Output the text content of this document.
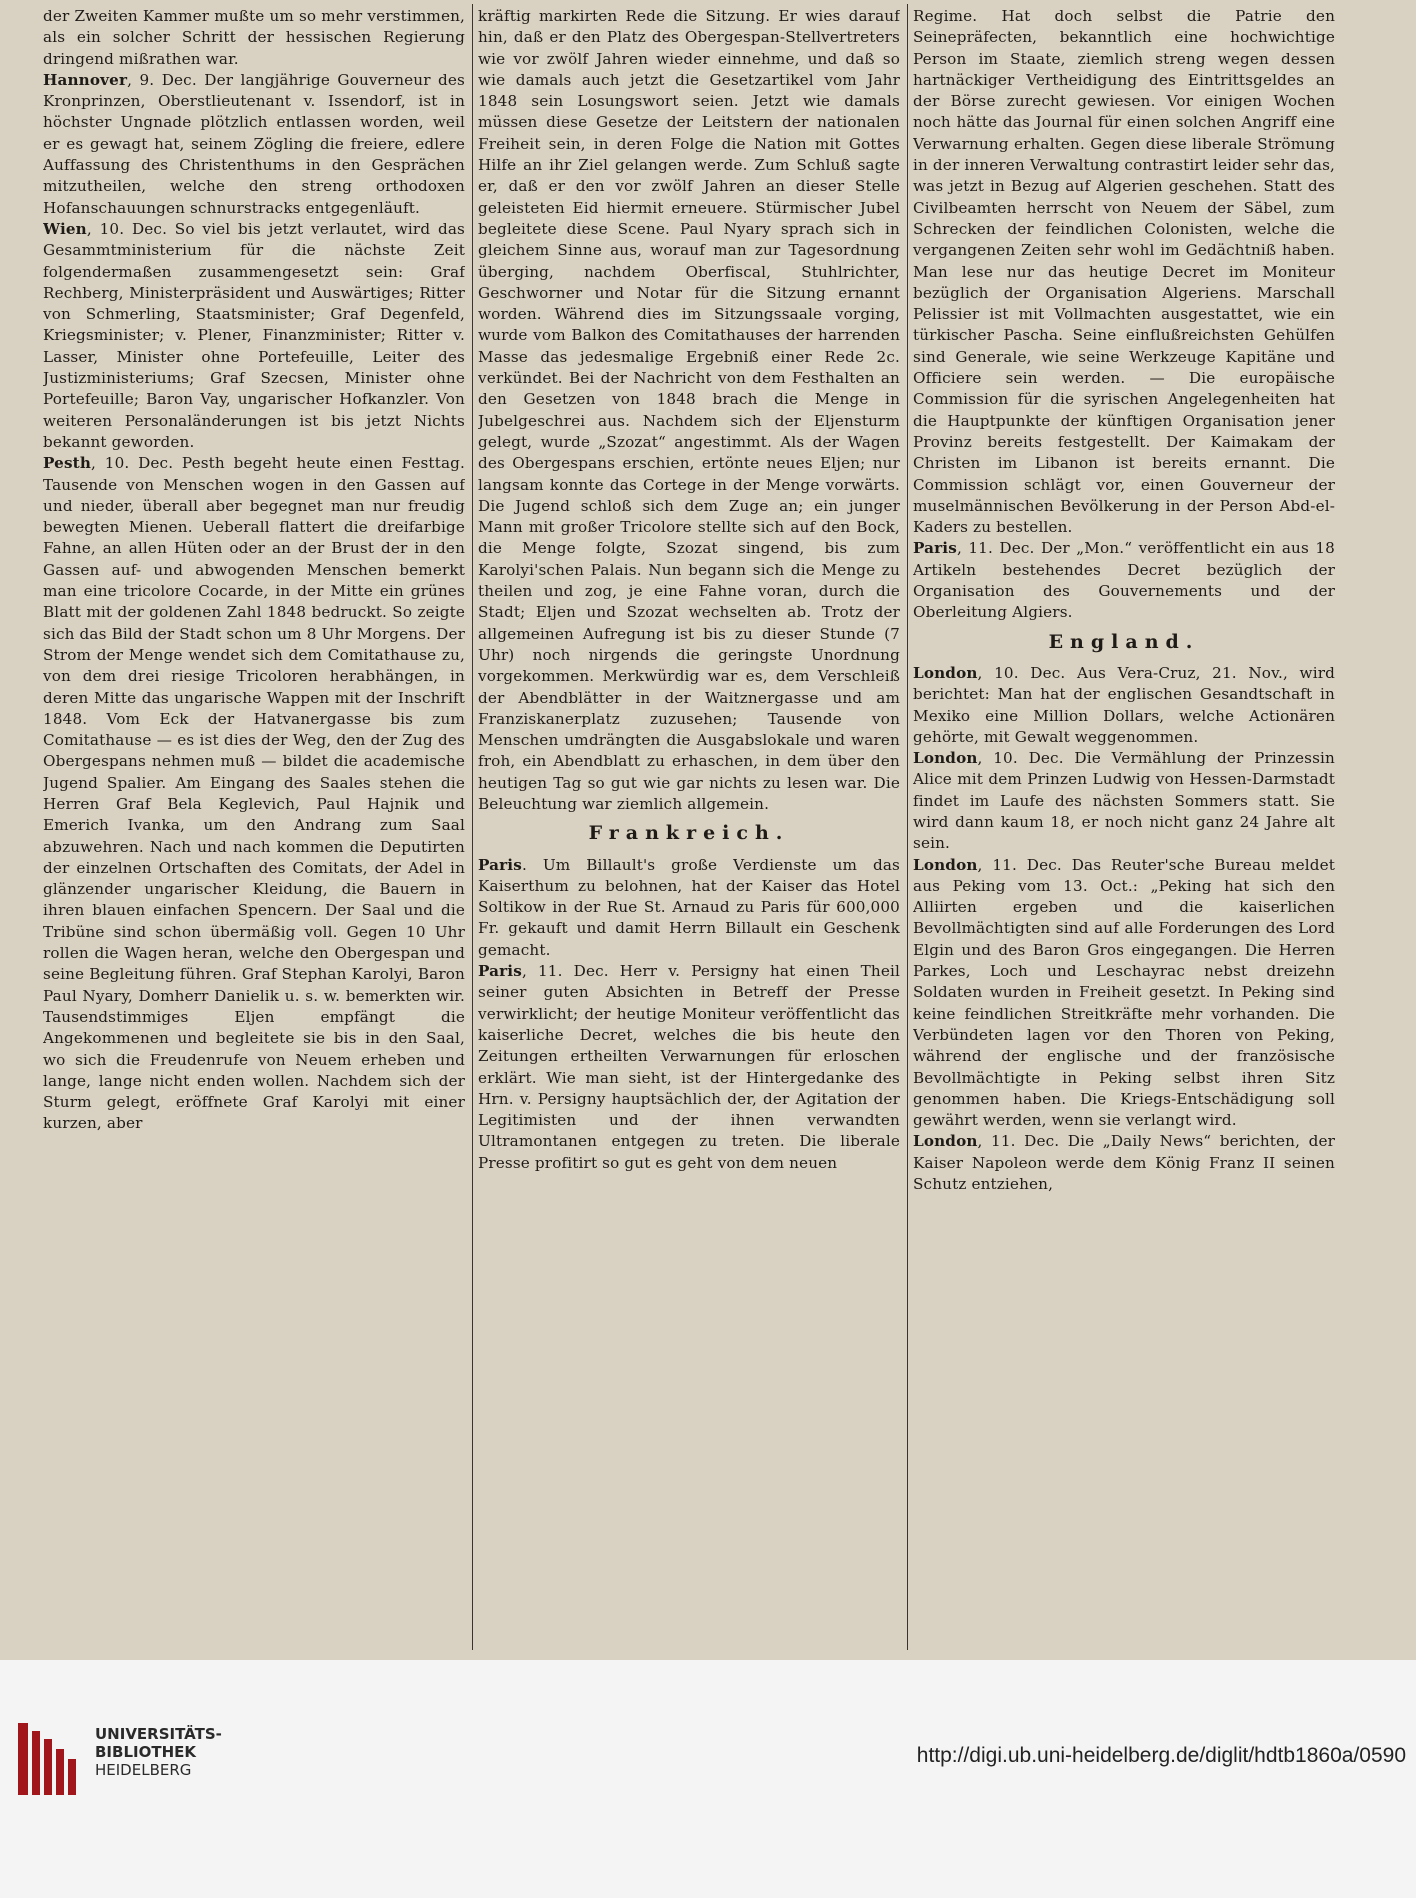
der Zweiten Kammer mußte um so mehr verstimmen, als ein solcher Schritt der hessischen Regierung dringend mißrathen war.

Hannover, 9. Dec. Der langjährige Gouverneur des Kronprinzen, Oberstlieutenant v. Issendorf, ist in höchster Ungnade plötzlich entlassen worden, weil er es gewagt hat, seinem Zögling die freiere, edlere Auffassung des Christenthums in den Gesprächen mitzutheilen, welche den streng orthodoxen Hofanschauungen schnurstracks entgegenläuft.

Wien, 10. Dec. So viel bis jetzt verlautet, wird das Gesammtministerium für die nächste Zeit folgendermaßen zusammengesetzt sein: Graf Rechberg, Ministerpräsident und Auswärtiges; Ritter von Schmerling, Staatsminister; Graf Degenfeld, Kriegsminister; v. Plener, Finanzminister; Ritter v. Lasser, Minister ohne Portefeuille, Leiter des Justizministeriums; Graf Szecsen, Minister ohne Portefeuille; Baron Vay, ungarischer Hofkanzler. Von weiteren Personaländerungen ist bis jetzt Nichts bekannt geworden.

Pesth, 10. Dec. Pesth begeht heute einen Festtag. Tausende von Menschen wogen in den Gassen auf und nieder, überall aber begegnet man nur freudig bewegten Mienen. Ueberall flattert die dreifarbige Fahne, an allen Hüten oder an der Brust der in den Gassen auf- und abwogenden Menschen bemerkt man eine tricolore Cocarde, in der Mitte ein grünes Blatt mit der goldenen Zahl 1848 bedruckt. So zeigte sich das Bild der Stadt schon um 8 Uhr Morgens. Der Strom der Menge wendet sich dem Comitathause zu, von dem drei riesige Tricoloren herabhängen, in deren Mitte das ungarische Wappen mit der Inschrift 1848. Vom Eck der Hatvanergasse bis zum Comitathause — es ist dies der Weg, den der Zug des Obergespans nehmen muß — bildet die academische Jugend Spalier. Am Eingang des Saales stehen die Herren Graf Bela Keglevich, Paul Hajnik und Emerich Ivanka, um den Andrang zum Saal abzuwehren. Nach und nach kommen die Deputirten der einzelnen Ortschaften des Comitats, der Adel in glänzender ungarischer Kleidung, die Bauern in ihren blauen einfachen Spencern. Der Saal und die Tribüne sind schon übermäßig voll. Gegen 10 Uhr rollen die Wagen heran, welche den Obergespan und seine Begleitung führen. Graf Stephan Karolyi, Baron Paul Nyary, Domherr Danielik u. s. w. bemerkten wir. Tausendstimmiges Eljen empfängt die Angekommenen und begleitete sie bis in den Saal, wo sich die Freudenrufe von Neuem erheben und lange, lange nicht enden wollen. Nachdem sich der Sturm gelegt, eröffnete Graf Karolyi mit einer kurzen, aber

kräftig markirten Rede die Sitzung. Er wies darauf hin, daß er den Platz des Obergespan-Stellvertreters wie vor zwölf Jahren wieder einnehme, und daß so wie damals auch jetzt die Gesetzartikel vom Jahr 1848 sein Losungswort seien. Jetzt wie damals müssen diese Gesetze der Leitstern der nationalen Freiheit sein, in deren Folge die Nation mit Gottes Hilfe an ihr Ziel gelangen werde. Zum Schluß sagte er, daß er den vor zwölf Jahren an dieser Stelle geleisteten Eid hiermit erneuere. Stürmischer Jubel begleitete diese Scene. Paul Nyary sprach sich in gleichem Sinne aus, worauf man zur Tagesordnung überging, nachdem Oberfiscal, Stuhlrichter, Geschworner und Notar für die Sitzung ernannt worden. Während dies im Sitzungssaale vorging, wurde vom Balkon des Comitathauses der harrenden Masse das jedesmalige Ergebniß einer Rede 2c. verkündet. Bei der Nachricht von dem Festhalten an den Gesetzen von 1848 brach die Menge in Jubelgeschrei aus. Nachdem sich der Eljensturm gelegt, wurde „Szozat“ angestimmt. Als der Wagen des Obergespans erschien, ertönte neues Eljen; nur langsam konnte das Cortege in der Menge vorwärts. Die Jugend schloß sich dem Zuge an; ein junger Mann mit großer Tricolore stellte sich auf den Bock, die Menge folgte, Szozat singend, bis zum Karolyi'schen Palais. Nun begann sich die Menge zu theilen und zog, je eine Fahne voran, durch die Stadt; Eljen und Szozat wechselten ab. Trotz der allgemeinen Aufregung ist bis zu dieser Stunde (7 Uhr) noch nirgends die geringste Unordnung vorgekommen. Merkwürdig war es, dem Verschleiß der Abendblätter in der Waitznergasse und am Franziskanerplatz zuzusehen; Tausende von Menschen umdrängten die Ausgabslokale und waren froh, ein Abendblatt zu erhaschen, in dem über den heutigen Tag so gut wie gar nichts zu lesen war. Die Beleuchtung war ziemlich allgemein.

Frankreich.

Paris. Um Billault's große Verdienste um das Kaiserthum zu belohnen, hat der Kaiser das Hotel Soltikow in der Rue St. Arnaud zu Paris für 600,000 Fr. gekauft und damit Herrn Billault ein Geschenk gemacht.

Paris, 11. Dec. Herr v. Persigny hat einen Theil seiner guten Absichten in Betreff der Presse verwirklicht; der heutige Moniteur veröffentlicht das kaiserliche Decret, welches die bis heute den Zeitungen ertheilten Verwarnungen für erloschen erklärt. Wie man sieht, ist der Hintergedanke des Hrn. v. Persigny hauptsächlich der, der Agitation der Legitimisten und der ihnen verwandten Ultramontanen entgegen zu treten. Die liberale Presse profitirt so gut es geht von dem neuen

Regime. Hat doch selbst die Patrie den Seinepräfecten, bekanntlich eine hochwichtige Person im Staate, ziemlich streng wegen dessen hartnäckiger Vertheidigung des Eintrittsgeldes an der Börse zurecht gewiesen. Vor einigen Wochen noch hätte das Journal für einen solchen Angriff eine Verwarnung erhalten. Gegen diese liberale Strömung in der inneren Verwaltung contrastirt leider sehr das, was jetzt in Bezug auf Algerien geschehen. Statt des Civilbeamten herrscht von Neuem der Säbel, zum Schrecken der feindlichen Colonisten, welche die vergangenen Zeiten sehr wohl im Gedächtniß haben. Man lese nur das heutige Decret im Moniteur bezüglich der Organisation Algeriens. Marschall Pelissier ist mit Vollmachten ausgestattet, wie ein türkischer Pascha. Seine einflußreichsten Gehülfen sind Generale, wie seine Werkzeuge Kapitäne und Officiere sein werden. — Die europäische Commission für die syrischen Angelegenheiten hat die Hauptpunkte der künftigen Organisation jener Provinz bereits festgestellt. Der Kaimakam der Christen im Libanon ist bereits ernannt. Die Commission schlägt vor, einen Gouverneur der muselmännischen Bevölkerung in der Person Abd-el-Kaders zu bestellen.

Paris, 11. Dec. Der „Mon.“ veröffentlicht ein aus 18 Artikeln bestehendes Decret bezüglich der Organisation des Gouvernements und der Oberleitung Algiers.

England.

London, 10. Dec. Aus Vera-Cruz, 21. Nov., wird berichtet: Man hat der englischen Gesandtschaft in Mexiko eine Million Dollars, welche Actionären gehörte, mit Gewalt weggenommen.

London, 10. Dec. Die Vermählung der Prinzessin Alice mit dem Prinzen Ludwig von Hessen-Darmstadt findet im Laufe des nächsten Sommers statt. Sie wird dann kaum 18, er noch nicht ganz 24 Jahre alt sein.

London, 11. Dec. Das Reuter'sche Bureau meldet aus Peking vom 13. Oct.: „Peking hat sich den Alliirten ergeben und die kaiserlichen Bevollmächtigten sind auf alle Forderungen des Lord Elgin und des Baron Gros eingegangen. Die Herren Parkes, Loch und Leschayrac nebst dreizehn Soldaten wurden in Freiheit gesetzt. In Peking sind keine feindlichen Streitkräfte mehr vorhanden. Die Verbündeten lagen vor den Thoren von Peking, während der englische und der französische Bevollmächtigte in Peking selbst ihren Sitz genommen haben. Die Kriegs-Entschädigung soll gewährt werden, wenn sie verlangt wird.

London, 11. Dec. Die „Daily News“ berichten, der Kaiser Napoleon werde dem König Franz II seinen Schutz entziehen,

UNIVERSITÄTS-
BIBLIOTHEK
HEIDELBERG
http://digi.ub.uni-heidelberg.de/diglit/hdtb1860a/0590
